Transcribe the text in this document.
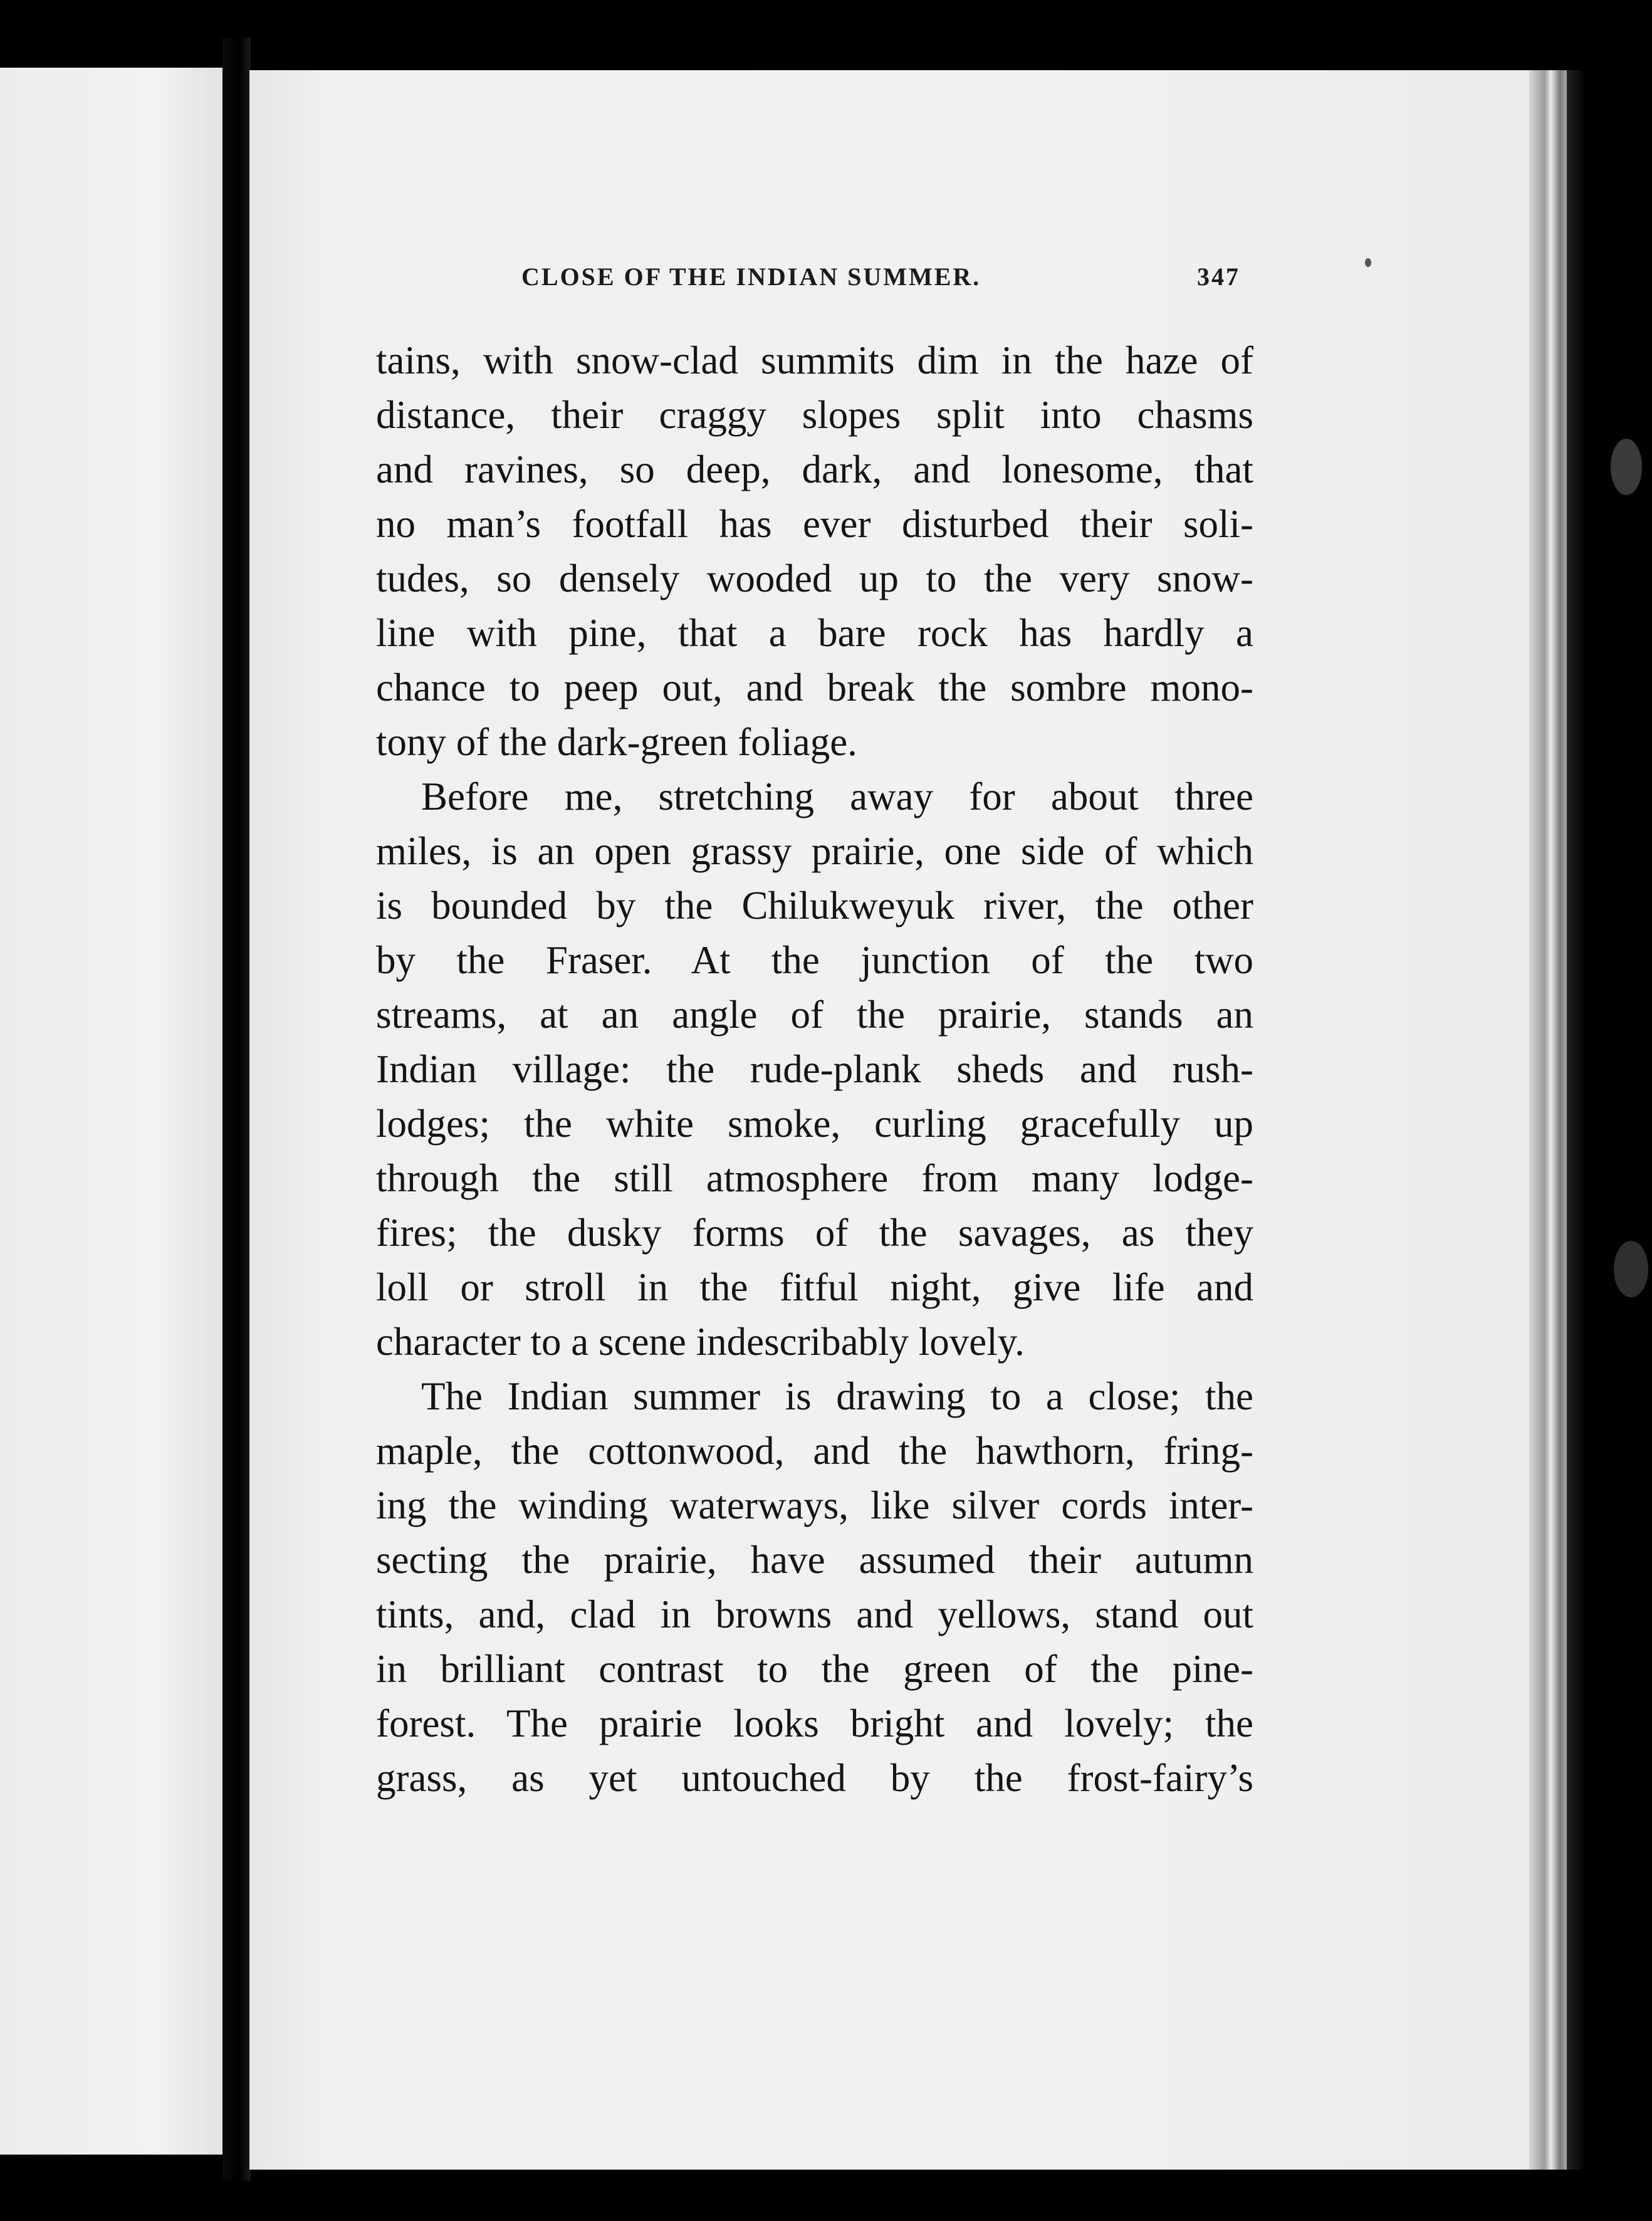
CLOSE OF THE INDIAN SUMMER.	347
tains, with snow-clad summits dim in the haze of
distance, their craggy slopes split into chasms
and ravines, so deep, dark, and lonesome, that
no man’s footfall has ever disturbed their soli-
tudes, so densely wooded up to the very snow-
line with pine, that a bare rock has hardly a
chance to peep out, and break the sombre mono-
tony of the dark-green foliage.
Before me, stretching away for about three
miles, is an open grassy prairie, one side of which
is bounded by the Chilukweyuk river, the other
by the Fraser. At the junction of the two
streams, at an angle of the prairie, stands an
Indian village: the rude-plank sheds and rush-
lodges; the white smoke, curling gracefully up
through the still atmosphere from many lodge-
fires; the dusky forms of the savages, as they
loll or stroll in the fitful night, give life and
character to a scene indescribably lovely.
The Indian summer is drawing to a close; the
maple, the cottonwood, and the hawthorn, fring-
ing the winding waterways, like silver cords inter-
secting the prairie, have assumed their autumn
tints, and, clad in browns and yellows, stand out
in brilliant contrast to the green of the pine-
forest. The prairie looks bright and lovely; the
grass, as yet untouched by the frost-fairy’s
